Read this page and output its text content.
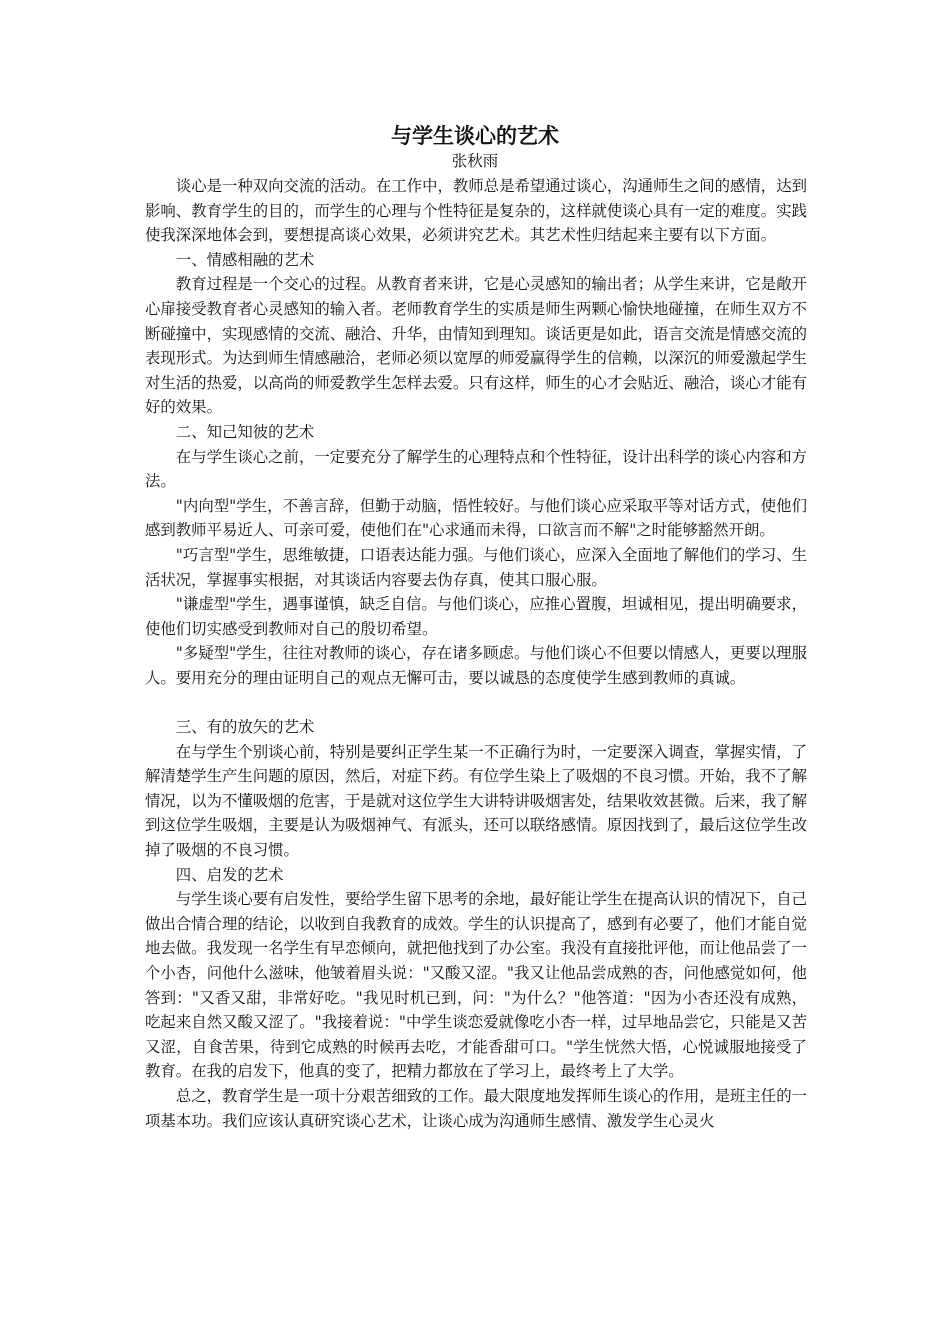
与学生谈心的艺术
张秋雨

谈心是一种双向交流的活动。在工作中，教师总是希望通过谈心，沟通师生之间的感情，达到影响、教育学生的目的，而学生的心理与个性特征是复杂的，这样就使谈心具有一定的难度。实践使我深深地体会到，要想提高谈心效果，必须讲究艺术。其艺术性归结起来主要有以下方面。

一、情感相融的艺术

教育过程是一个交心的过程。从教育者来讲，它是心灵感知的输出者；从学生来讲，它是敞开心扉接受教育者心灵感知的输入者。老师教育学生的实质是师生两颗心愉快地碰撞，在师生双方不断碰撞中，实现感情的交流、融洽、升华，由情知到理知。谈话更是如此，语言交流是情感交流的表现形式。为达到师生情感融洽，老师必须以宽厚的师爱赢得学生的信赖，以深沉的师爱激起学生对生活的热爱，以高尚的师爱教学生怎样去爱。只有这样，师生的心才会贴近、融洽，谈心才能有好的效果。

二、知己知彼的艺术

在与学生谈心之前，一定要充分了解学生的心理特点和个性特征，设计出科学的谈心内容和方法。

"内向型"学生，不善言辞，但勤于动脑，悟性较好。与他们谈心应采取平等对话方式，使他们感到教师平易近人、可亲可爱，使他们在"心求通而未得，口欲言而不解"之时能够豁然开朗。

"巧言型"学生，思维敏捷，口语表达能力强。与他们谈心，应深入全面地了解他们的学习、生活状况，掌握事实根据，对其谈话内容要去伪存真，使其口服心服。

"谦虚型"学生，遇事谨慎，缺乏自信。与他们谈心，应推心置腹，坦诚相见，提出明确要求，使他们切实感受到教师对自己的殷切希望。

"多疑型"学生，往往对教师的谈心，存在诸多顾虑。与他们谈心不但要以情感人，更要以理服人。要用充分的理由证明自己的观点无懈可击，要以诚恳的态度使学生感到教师的真诚。

三、有的放矢的艺术

在与学生个别谈心前，特别是要纠正学生某一不正确行为时，一定要深入调查，掌握实情，了解清楚学生产生问题的原因，然后，对症下药。有位学生染上了吸烟的不良习惯。开始，我不了解情况，以为不懂吸烟的危害，于是就对这位学生大讲特讲吸烟害处，结果收效甚微。后来，我了解到这位学生吸烟，主要是认为吸烟神气、有派头，还可以联络感情。原因找到了，最后这位学生改掉了吸烟的不良习惯。

四、启发的艺术

与学生谈心要有启发性，要给学生留下思考的余地，最好能让学生在提高认识的情况下，自己做出合情合理的结论，以收到自我教育的成效。学生的认识提高了，感到有必要了，他们才能自觉地去做。我发现一名学生有早恋倾向，就把他找到了办公室。我没有直接批评他，而让他品尝了一个小杏，问他什么滋味，他皱着眉头说："又酸又涩。"我又让他品尝成熟的杏，问他感觉如何，他答到："又香又甜，非常好吃。"我见时机已到，问："为什么？"他答道："因为小杏还没有成熟，吃起来自然又酸又涩了。"我接着说："中学生谈恋爱就像吃小杏一样，过早地品尝它，只能是又苦又涩，自食苦果，待到它成熟的时候再去吃，才能香甜可口。"学生恍然大悟，心悦诚服地接受了教育。在我的启发下，他真的变了，把精力都放在了学习上，最终考上了大学。

总之，教育学生是一项十分艰苦细致的工作。最大限度地发挥师生谈心的作用，是班主任的一项基本功。我们应该认真研究谈心艺术，让谈心成为沟通师生感情、激发学生心灵火
